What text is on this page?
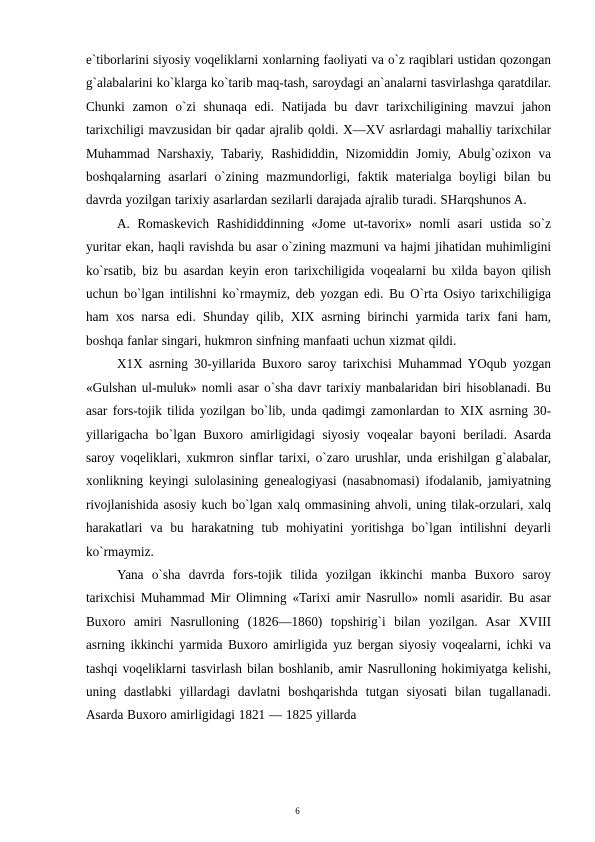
e`tiborlarini siyosiy voqeliklarni xonlarning faoliyati va o`z raqiblari ustidan qozongan g`alabalarini ko`klarga ko`tarib maq-tash, saroydagi an`analarni tasvirlashga qaratdilar. Chunki zamon o`zi shunaqa edi. Natijada bu davr tarixchiligining mavzui jahon tarixchiligi mavzusidan bir qadar ajralib qoldi. X—XV asrlardagi mahalliy tarixchilar Muhammad Narshaxiy, Tabariy, Rashididdin, Nizomiddin Jomiy, Abulg`ozixon va boshqalarning asarlari o`zining mazmundorligi, faktik materialga boyligi bilan bu davrda yozilgan tarixiy asarlardan sezilarli darajada ajralib turadi. SHarqshunos A.

A. Romaskevich Rashididdinning «Jome ut-tavorix» nomli asari ustida so`z yuritar ekan, haqli ravishda bu asar o`zining mazmuni va hajmi jihatidan muhimligini ko`rsatib, biz bu asardan keyin eron tarixchiligida voqealarni bu xilda bayon qilish uchun bo`lgan intilishni ko`rmaymiz, deb yozgan edi. Bu O`rta Osiyo tarixchiligiga ham xos narsa edi. Shunday qilib, XIX asrning birinchi yarmida tarix fani ham, boshqa fanlar singari, hukmron sinfning manfaati uchun xizmat qildi.

X1X asrning 30-yillarida Buxoro saroy tarixchisi Muhammad YOqub yozgan «Gulshan ul-muluk» nomli asar o`sha davr tarixiy manbalaridan biri hisoblanadi. Bu asar fors-tojik tilida yozilgan bo`lib, unda qadimgi zamonlardan to XIX asrning 30- yillarigacha bo`lgan Buxoro amirligidagi siyosiy voqealar bayoni beriladi. Asarda saroy voqeliklari, xukmron sinflar tarixi, o`zaro urushlar, unda erishilgan g`alabalar, xonlikning keyingi sulolasining genealogiyasi (nasabnomasi) ifodalanib, jamiyatning rivojlanishida asosiy kuch bo`lgan xalq ommasining ahvoli, uning tilak-orzulari, xalq harakatlari va bu harakatning tub mohiyatini yoritishga bo`lgan intilishni deyarli ko`rmaymiz.

Yana o`sha davrda fors-tojik tilida yozilgan ikkinchi manba Buxoro saroy tarixchisi Muhammad Mir Olimning «Tarixi amir Nasrullo» nomli asaridir. Bu asar Buxoro amiri Nasrulloning (1826—1860) topshirig`i bilan yozilgan. Asar XVIII asrning ikkinchi yarmida Buxoro amirligida yuz bergan siyosiy voqealarni, ichki va tashqi voqeliklarni tasvirlash bilan boshlanib, amir Nasrulloning hokimiyatga kelishi, uning dastlabki yillardagi davlatni boshqarishda tutgan siyosati bilan tugallanadi. Asarda Buxoro amirligidagi 1821 — 1825 yillarda

6
